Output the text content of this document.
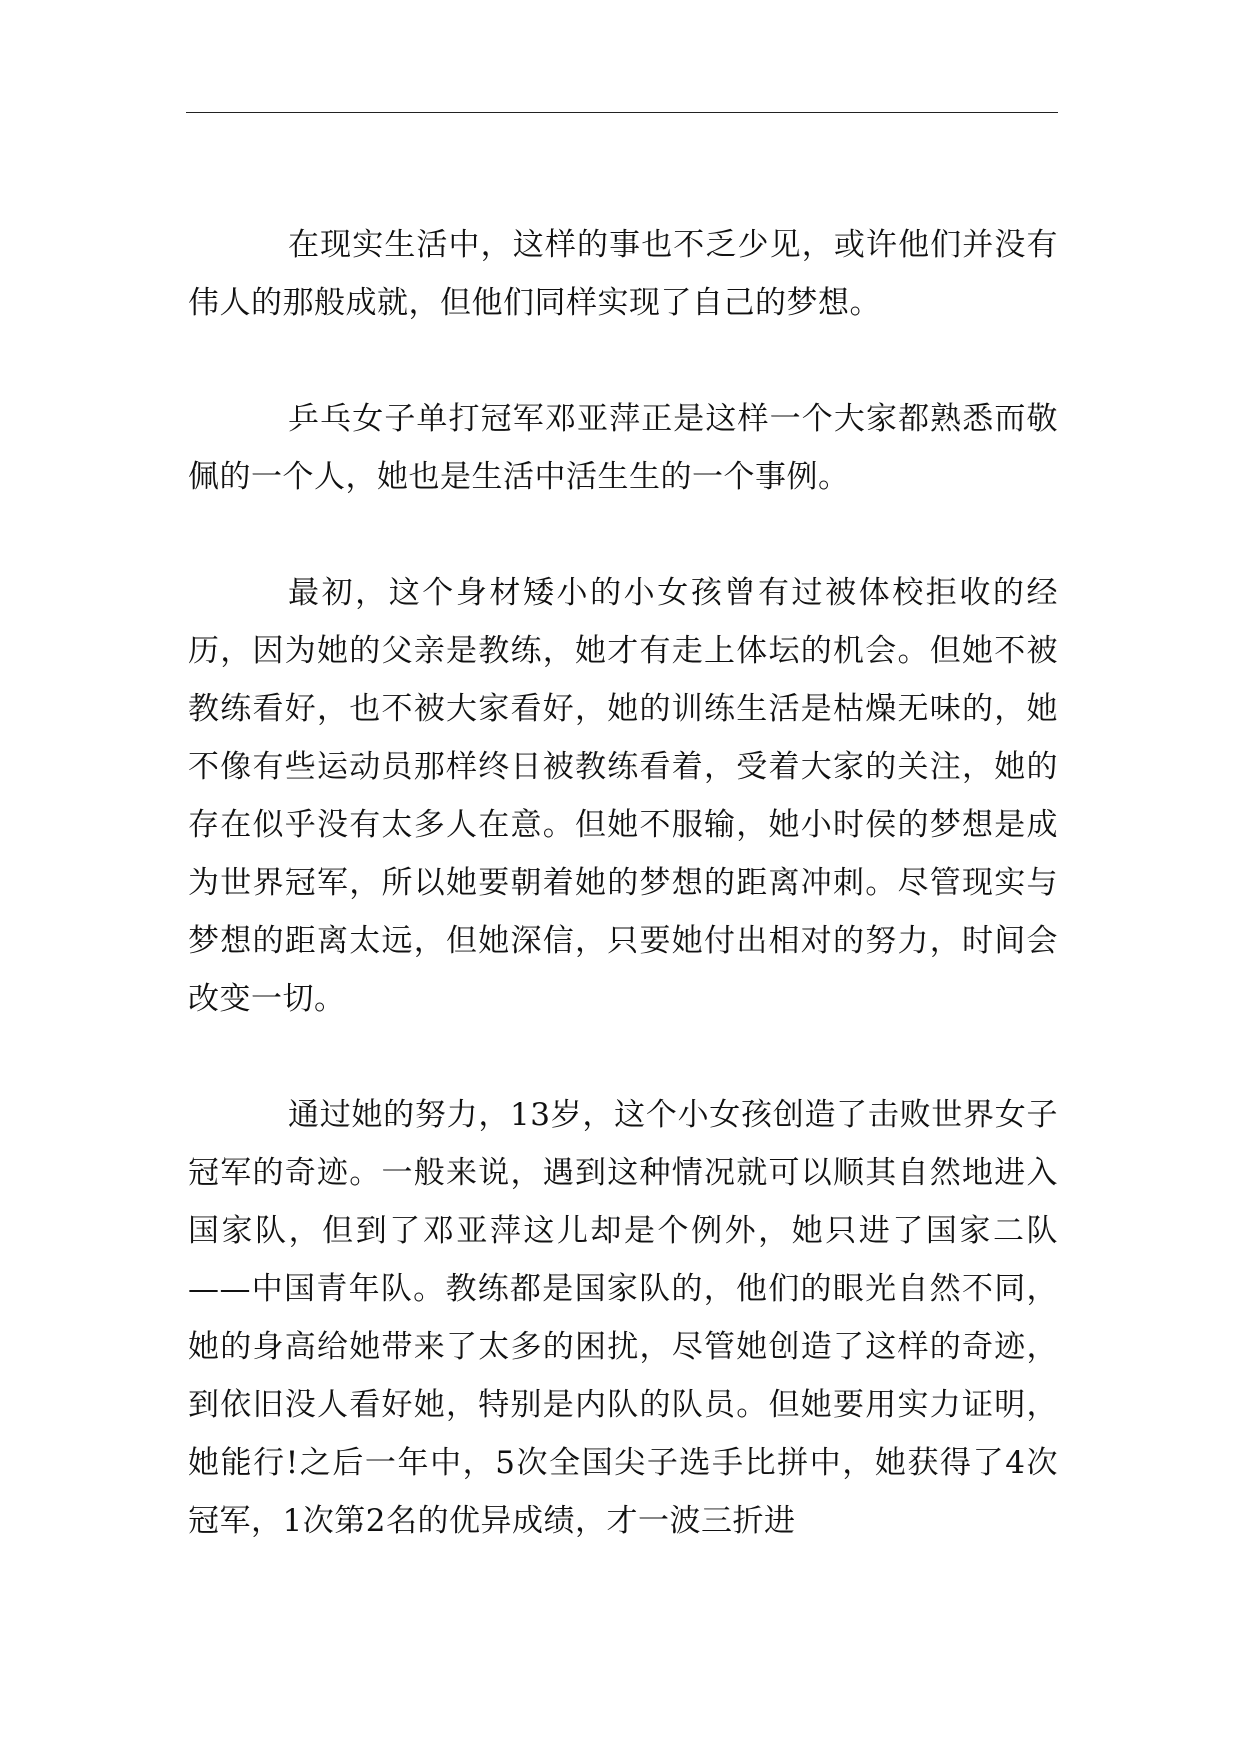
在现实生活中，这样的事也不乏少见，或许他们并没有伟人的那般成就，但他们同样实现了自己的梦想。

乒乓女子单打冠军邓亚萍正是这样一个大家都熟悉而敬佩的一个人，她也是生活中活生生的一个事例。

最初，这个身材矮小的小女孩曾有过被体校拒收的经历，因为她的父亲是教练，她才有走上体坛的机会。但她不被教练看好，也不被大家看好，她的训练生活是枯燥无味的，她不像有些运动员那样终日被教练看着，受着大家的关注，她的存在似乎没有太多人在意。但她不服输，她小时侯的梦想是成为世界冠军，所以她要朝着她的梦想的距离冲刺。尽管现实与梦想的距离太远，但她深信，只要她付出相对的努力，时间会改变一切。

通过她的努力，13岁，这个小女孩创造了击败世界女子冠军的奇迹。一般来说，遇到这种情况就可以顺其自然地进入国家队，但到了邓亚萍这儿却是个例外，她只进了国家二队——中国青年队。教练都是国家队的，他们的眼光自然不同，她的身高给她带来了太多的困扰，尽管她创造了这样的奇迹，到依旧没人看好她，特别是内队的队员。但她要用实力证明，她能行!之后一年中，5次全国尖子选手比拼中，她获得了4次冠军，1次第2名的优异成绩，才一波三折进
